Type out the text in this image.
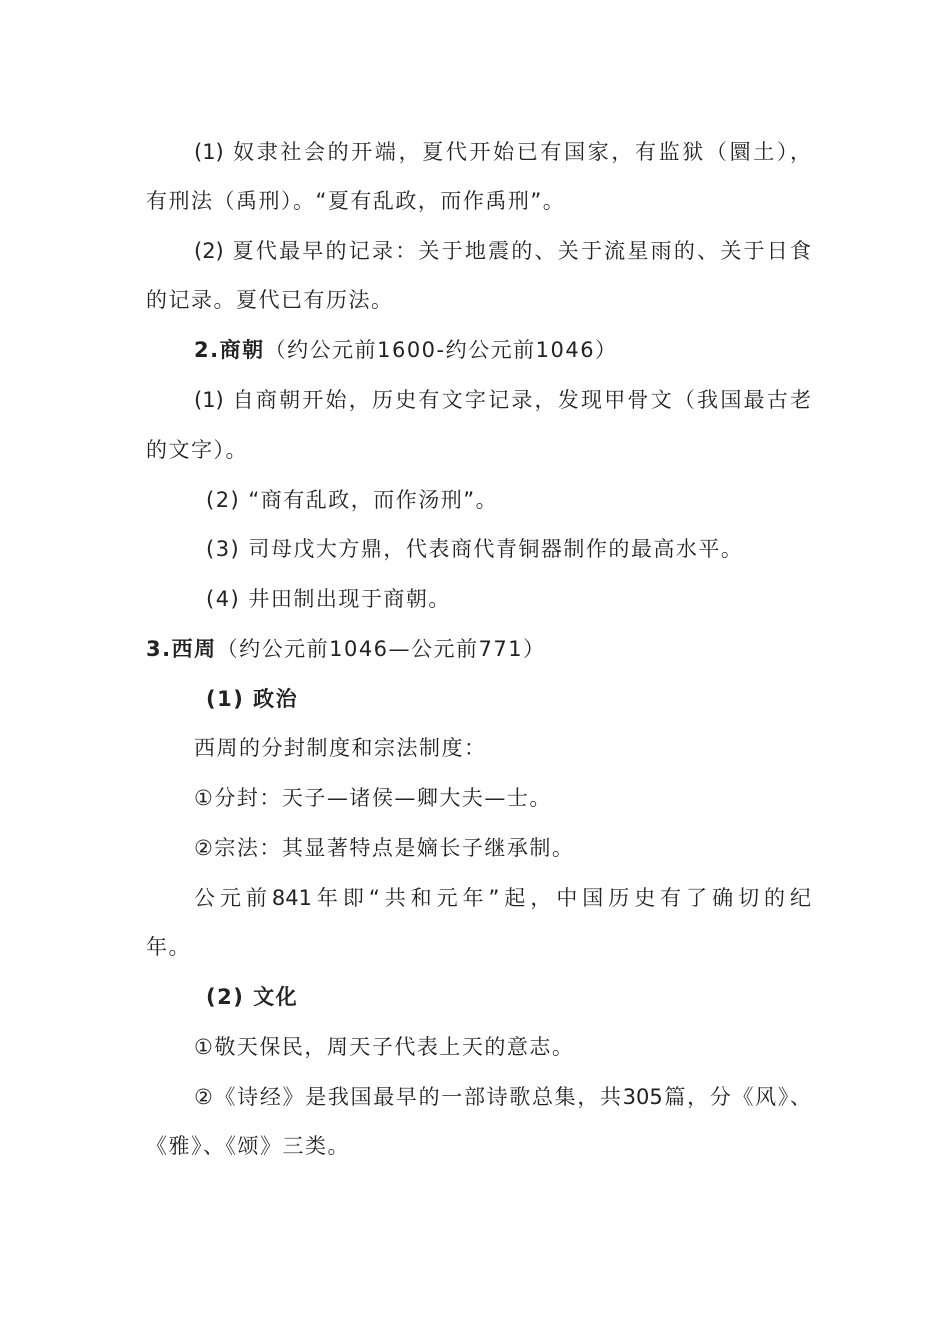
(1) 奴隶社会的开端，夏代开始已有国家，有监狱（圜土），
有刑法（禹刑）。“夏有乱政，而作禹刑”。
(2) 夏代最早的记录：关于地震的、关于流星雨的、关于日食
的记录。夏代已有历法。
2.商朝（约公元前1600-约公元前1046）
(1) 自商朝开始，历史有文字记录，发现甲骨文（我国最古老
的文字）。
(2) “商有乱政，而作汤刑”。
(3) 司母戊大方鼎，代表商代青铜器制作的最高水平。
(4) 井田制出现于商朝。
3.西周（约公元前1046—公元前771）
(1) 政治
西周的分封制度和宗法制度：
①分封：天子—诸侯—卿大夫—士。
②宗法：其显著特点是嫡长子继承制。
公元前841年即“共和元年”起，中国历史有了确切的纪
年。
(2) 文化
①敬天保民，周天子代表上天的意志。
②《诗经》是我国最早的一部诗歌总集，共305篇，分《风》、
《雅》、《颂》三类。
